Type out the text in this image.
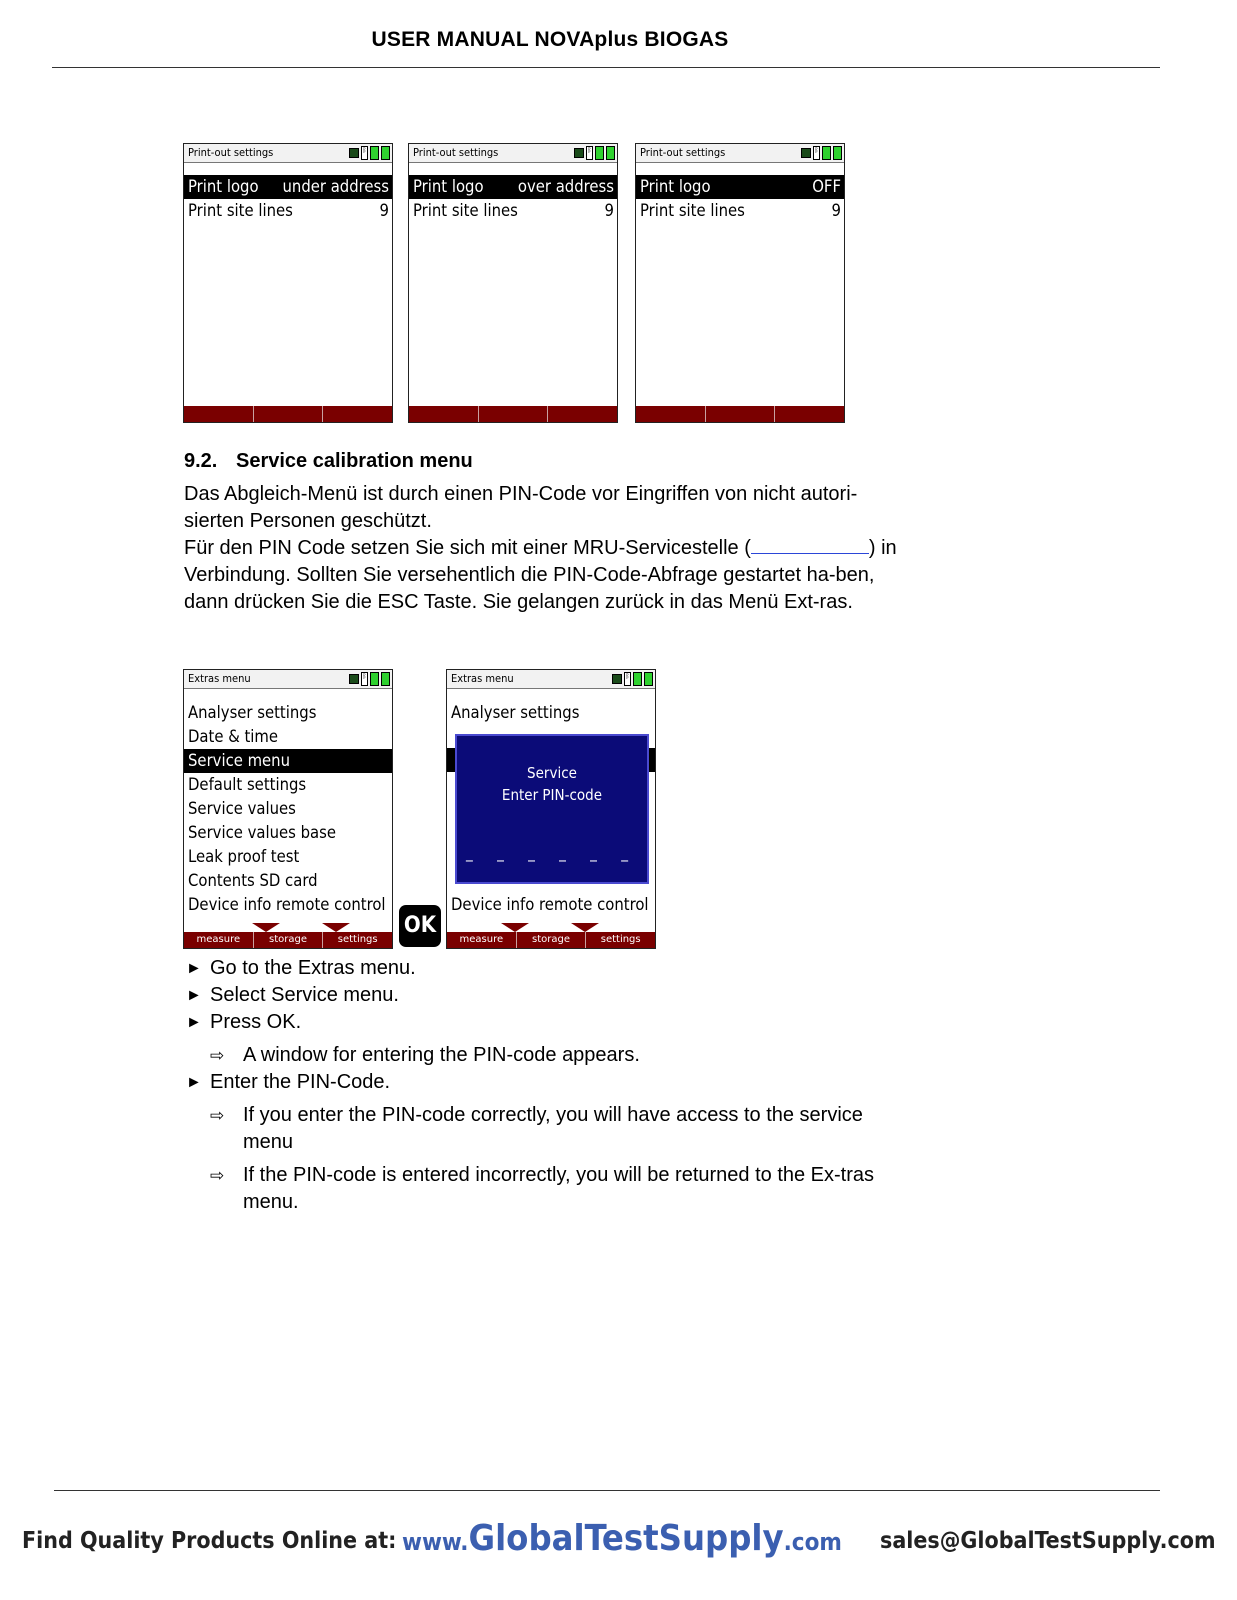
USER MANUAL NOVAplus BIOGAS
Print-out settings	ᛒ
Print logo under address
Print site lines	9
Print-out settings	ᛒ
Print logo over address
Print site lines	9
Print-out settings	ᛒ
Print logo	OFF
Print site lines	9
9.2. Service calibration menu
Das Abgleich-Menü ist durch einen PIN-Code vor Eingriffen von nicht autori-sierten Personen geschützt.
Für den PIN Code setzen Sie sich mit einer MRU-Servicestelle (	) in Verbindung. Sollten Sie versehentlich die PIN-Code-Abfrage gestartet ha-ben, dann drücken Sie die ESC Taste. Sie gelangen zurück in das Menü Ext-ras.
Extras menu	ᛒ
Analyser settings
Date & time
Service menu
Default settings
Service values
Service values base
Leak proof test
Contents SD card
Device info remote control
measure	storage	settings
OK
Extras menu	ᛒ
Analyser settings
Device info remote control
Service
Enter PIN-code
_ _ _ _ _ _
measure	storage	settings
► Go to the Extras menu.
► Select Service menu.
► Press OK.
⇨ A window for entering the PIN-code appears.
► Enter the PIN-Code.
⇨ If you enter the PIN-code correctly, you will have access to the service menu
⇨ If the PIN-code is entered incorrectly, you will be returned to the Ex-tras menu.
Find Quality Products Online at: www.GlobalTestSupply.com sales@GlobalTestSupply.com
